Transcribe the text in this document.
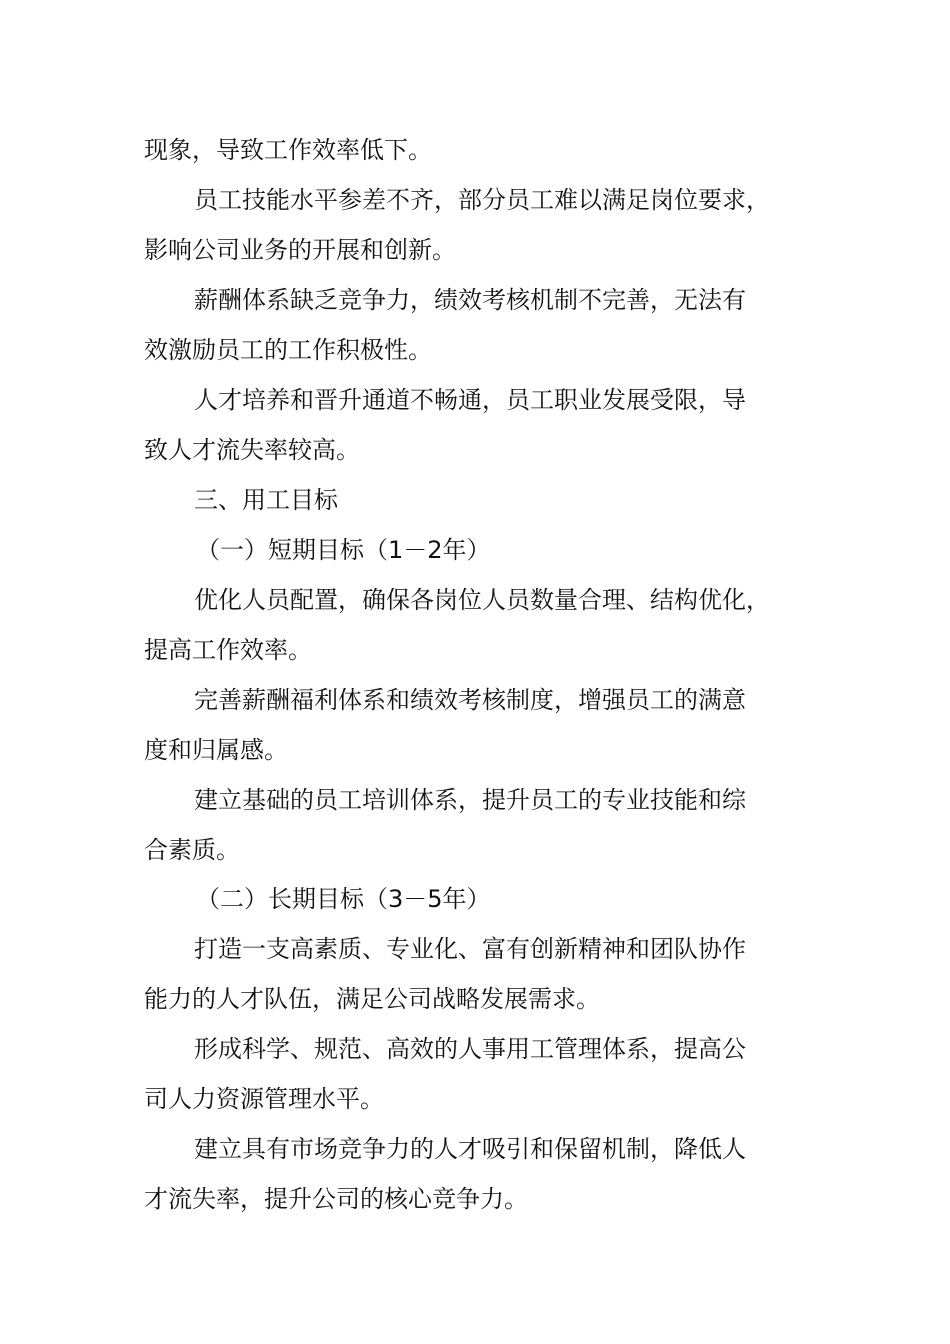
现象，导致工作效率低下。
员工技能水平参差不齐，部分员工难以满足岗位要求，
影响公司业务的开展和创新。
薪酬体系缺乏竞争力，绩效考核机制不完善，无法有
效激励员工的工作积极性。
人才培养和晋升通道不畅通，员工职业发展受限，导
致人才流失率较高。
三、用工目标
（一）短期目标（1－2年）
优化人员配置，确保各岗位人员数量合理、结构优化，
提高工作效率。
完善薪酬福利体系和绩效考核制度，增强员工的满意
度和归属感。
建立基础的员工培训体系，提升员工的专业技能和综
合素质。
（二）长期目标（3－5年）
打造一支高素质、专业化、富有创新精神和团队协作
能力的人才队伍，满足公司战略发展需求。
形成科学、规范、高效的人事用工管理体系，提高公
司人力资源管理水平。
建立具有市场竞争力的人才吸引和保留机制，降低人
才流失率，提升公司的核心竞争力。
